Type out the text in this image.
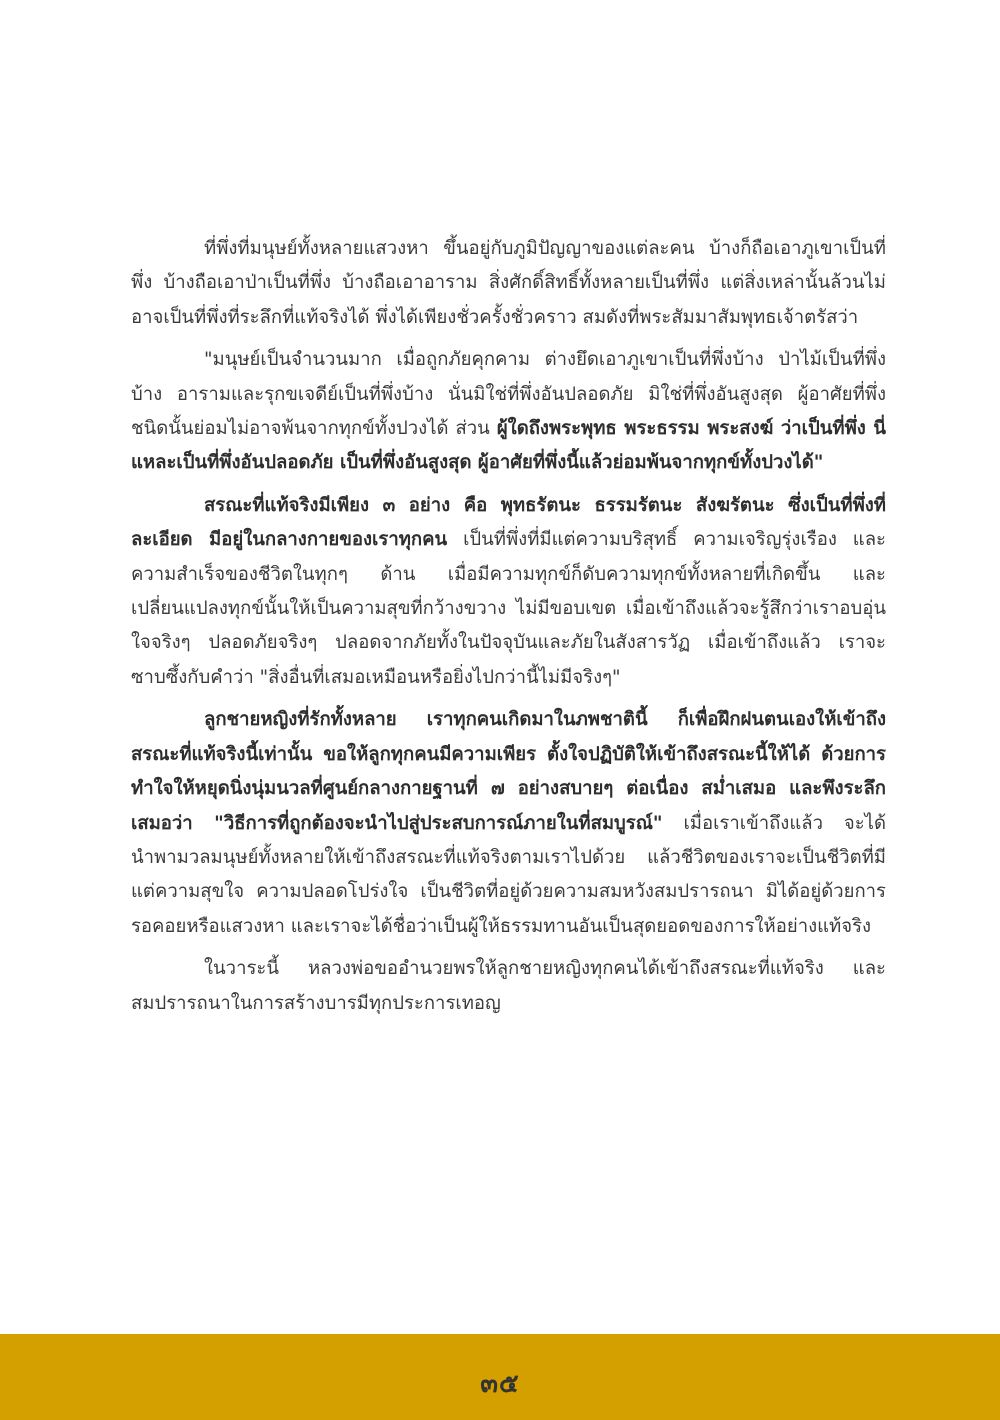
ที่พึ่งที่มนุษย์ทั้งหลายแสวงหา ขึ้นอยู่กับภูมิปัญญาของแต่ละคน บ้างก็ถือเอาภูเขาเป็นที่พึ่ง บ้างถือเอาป่าเป็นที่พึ่ง บ้างถือเอาอาราม สิ่งศักดิ์สิทธิ์ทั้งหลายเป็นที่พึ่ง แต่สิ่งเหล่านั้นล้วนไม่อาจเป็นที่พึ่งที่ระลึกที่แท้จริงได้ พึ่งได้เพียงชั่วครั้งชั่วคราว สมดังที่พระสัมมาสัมพุทธเจ้าตรัสว่า

"มนุษย์เป็นจำนวนมาก เมื่อถูกภัยคุกคาม ต่างยึดเอาภูเขาเป็นที่พึ่งบ้าง ป่าไม้เป็นที่พึ่งบ้าง อารามและรุกขเจดีย์เป็นที่พึ่งบ้าง นั่นมิใช่ที่พึ่งอันปลอดภัย มิใช่ที่พึ่งอันสูงสุด ผู้อาศัยที่พึ่งชนิดนั้นย่อมไม่อาจพ้นจากทุกข์ทั้งปวงได้ ส่วน ผู้ใดถึงพระพุทธ พระธรรม พระสงฆ์ ว่าเป็นที่พึ่ง นี่แหละเป็นที่พึ่งอันปลอดภัย เป็นที่พึ่งอันสูงสุด ผู้อาศัยที่พึ่งนี้แล้วย่อมพ้นจากทุกข์ทั้งปวงได้"

สรณะที่แท้จริงมีเพียง ๓ อย่าง คือ พุทธรัตนะ ธรรมรัตนะ สังฆรัตนะ ซึ่งเป็นที่พึ่งที่ละเอียด มีอยู่ในกลางกายของเราทุกคน เป็นที่พึ่งที่มีแต่ความบริสุทธิ์ ความเจริญรุ่งเรือง และความสำเร็จของชีวิตในทุกๆ ด้าน เมื่อมีความทุกข์ก็ดับความทุกข์ทั้งหลายที่เกิดขึ้น และเปลี่ยนแปลงทุกข์นั้นให้เป็นความสุขที่กว้างขวาง ไม่มีขอบเขต เมื่อเข้าถึงแล้วจะรู้สึกว่าเราอบอุ่นใจจริงๆ ปลอดภัยจริงๆ ปลอดจากภัยทั้งในปัจจุบันและภัยในสังสารวัฏ เมื่อเข้าถึงแล้ว เราจะซาบซึ้งกับคำว่า "สิ่งอื่นที่เสมอเหมือนหรือยิ่งไปกว่านี้ไม่มีจริงๆ"

ลูกชายหญิงที่รักทั้งหลาย เราทุกคนเกิดมาในภพชาตินี้ ก็เพื่อฝึกฝนตนเองให้เข้าถึงสรณะที่แท้จริงนี้เท่านั้น ขอให้ลูกทุกคนมีความเพียร ตั้งใจปฏิบัติให้เข้าถึงสรณะนี้ให้ได้ ด้วยการทำใจให้หยุดนิ่งนุ่มนวลที่ศูนย์กลางกายฐานที่ ๗ อย่างสบายๆ ต่อเนื่อง สม่ำเสมอ และพึงระลึกเสมอว่า "วิธีการที่ถูกต้องจะนำไปสู่ประสบการณ์ภายในที่สมบูรณ์" เมื่อเราเข้าถึงแล้ว จะได้นำพามวลมนุษย์ทั้งหลายให้เข้าถึงสรณะที่แท้จริงตามเราไปด้วย แล้วชีวิตของเราจะเป็นชีวิตที่มีแต่ความสุขใจ ความปลอดโปร่งใจ เป็นชีวิตที่อยู่ด้วยความสมหวังสมปรารถนา มิได้อยู่ด้วยการรอคอยหรือแสวงหา และเราจะได้ชื่อว่าเป็นผู้ให้ธรรมทานอันเป็นสุดยอดของการให้อย่างแท้จริง

ในวาระนี้ หลวงพ่อขออำนวยพรให้ลูกชายหญิงทุกคนได้เข้าถึงสรณะที่แท้จริง และสมปรารถนาในการสร้างบารมีทุกประการเทอญ

๓๕
